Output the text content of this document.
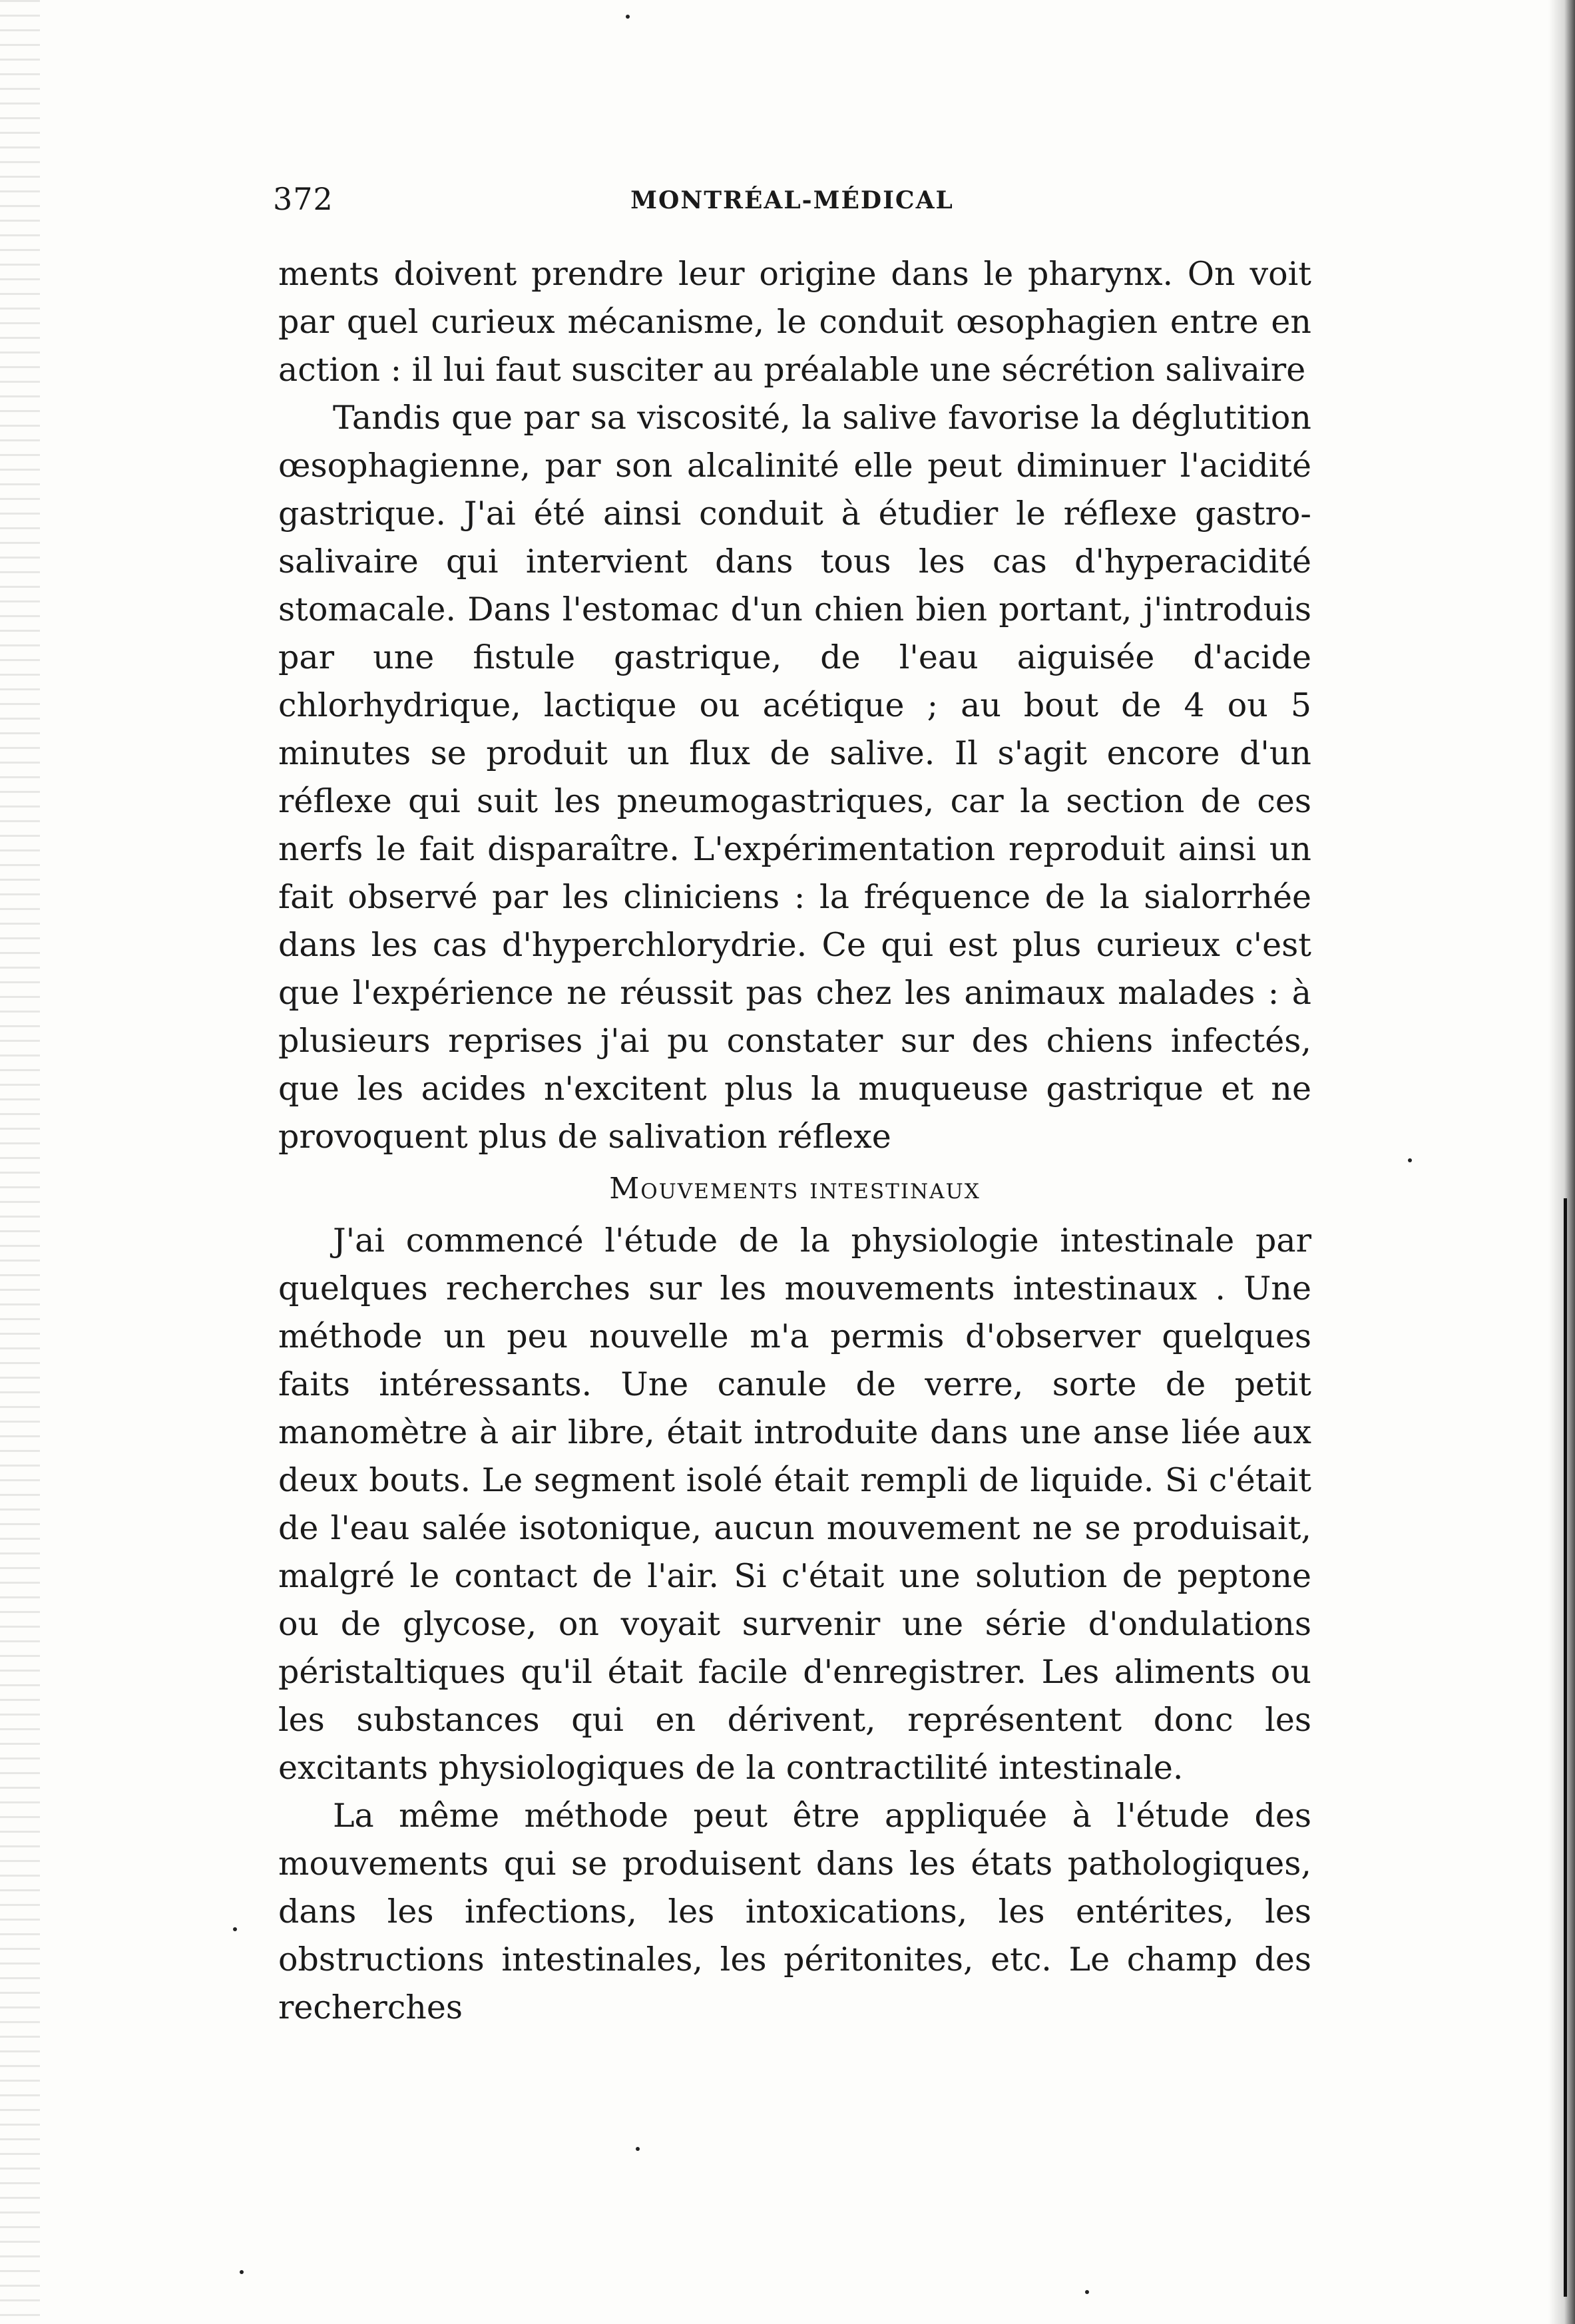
372	MONTRÉAL-MÉDICAL

ments doivent prendre leur origine dans le pharynx. On voit par quel curieux mécanisme, le conduit œsophagien entre en action : il lui faut susciter au préalable une sécrétion salivaire

Tandis que par sa viscosité, la salive favorise la déglutition œsophagienne, par son alcalinité elle peut diminuer l'acidité gastrique. J'ai été ainsi conduit à étudier le réflexe gastro-salivaire qui intervient dans tous les cas d'hyperacidité stomacale. Dans l'estomac d'un chien bien portant, j'introduis par une fistule gastrique, de l'eau aiguisée d'acide chlorhydrique, lactique ou acétique ; au bout de 4 ou 5 minutes se produit un flux de salive. Il s'agit encore d'un réflexe qui suit les pneumogastriques, car la section de ces nerfs le fait disparaître. L'expérimentation reproduit ainsi un fait observé par les cliniciens : la fréquence de la sialorrhée dans les cas d'hyperchlorydrie. Ce qui est plus curieux c'est que l'expérience ne réussit pas chez les animaux malades : à plusieurs reprises j'ai pu constater sur des chiens infectés, que les acides n'excitent plus la muqueuse gastrique et ne provoquent plus de salivation réflexe

Mouvements intestinaux

J'ai commencé l'étude de la physiologie intestinale par quelques recherches sur les mouvements intestinaux . Une méthode un peu nouvelle m'a permis d'observer quelques faits intéressants. Une canule de verre, sorte de petit manomètre à air libre, était introduite dans une anse liée aux deux bouts. Le segment isolé était rempli de liquide. Si c'était de l'eau salée isotonique, aucun mouvement ne se produisait, malgré le contact de l'air. Si c'était une solution de peptone ou de glycose, on voyait survenir une série d'ondulations péristaltiques qu'il était facile d'enregistrer. Les aliments ou les substances qui en dérivent, représentent donc les excitants physiologiques de la contractilité intestinale.

La même méthode peut être appliquée à l'étude des mouvements qui se produisent dans les états pathologiques, dans les infections, les intoxications, les entérites, les obstructions intestinales, les péritonites, etc. Le champ des recherches
